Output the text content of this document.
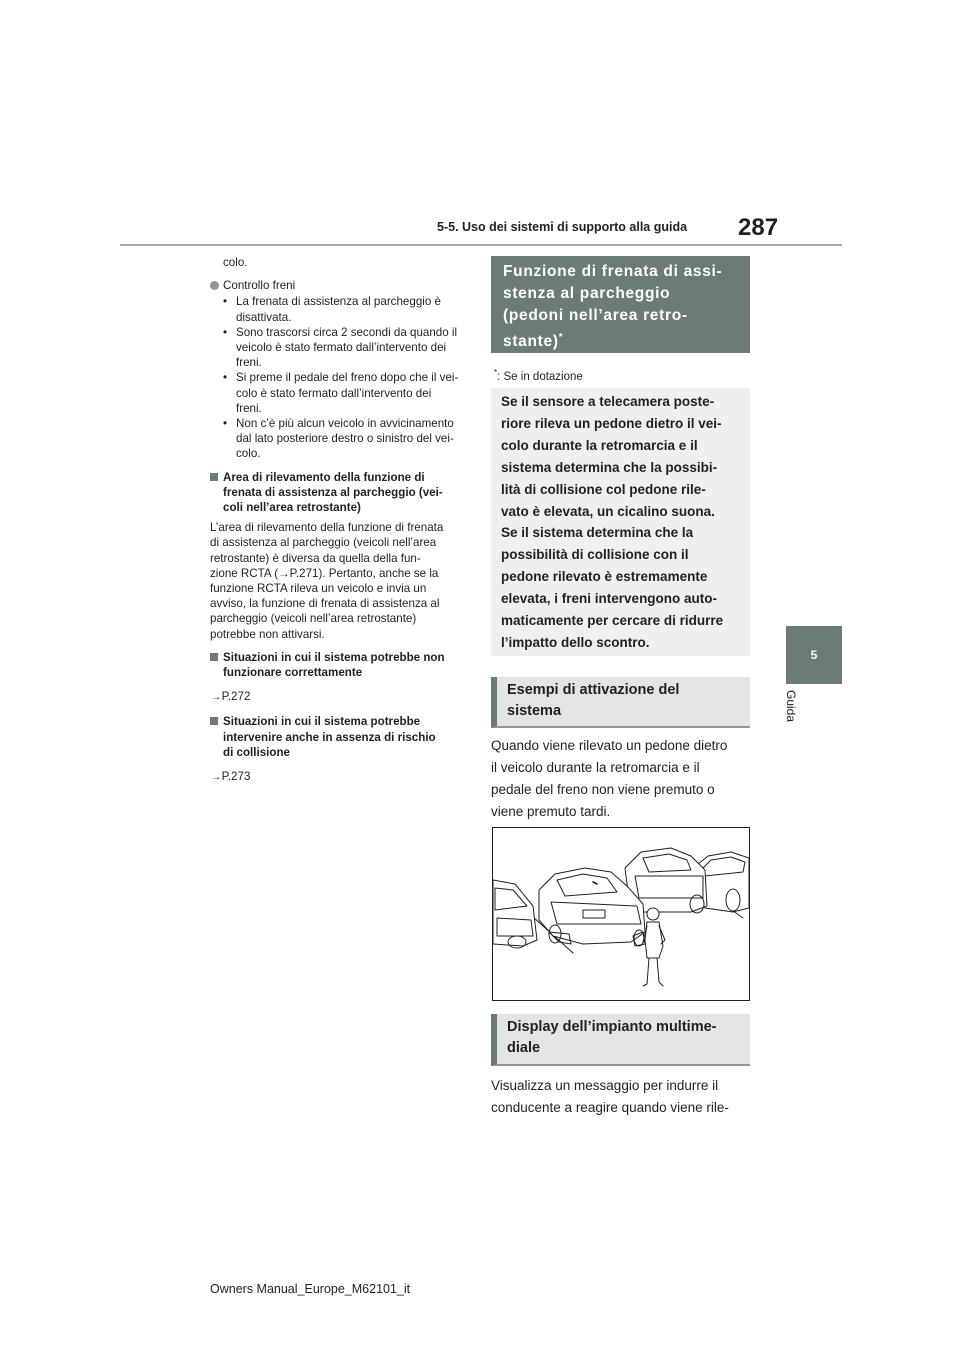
5-5. Uso dei sistemi di supporto alla guida 287
5
Guida

colo.

Controllo freni
• La frenata di assistenza al parcheggio è
disattivata.
• Sono trascorsi circa 2 secondi da quando il
veicolo è stato fermato dall’intervento dei
freni.
• Si preme il pedale del freno dopo che il vei-
colo è stato fermato dall’intervento dei
freni.
• Non c’è più alcun veicolo in avvicinamento
dal lato posteriore destro o sinistro del vei-
colo.
Area di rilevamento della funzione di
frenata di assistenza al parcheggio (vei-
coli nell’area retrostante)

L’area di rilevamento della funzione di frenata
di assistenza al parcheggio (veicoli nell’area
retrostante) è diversa da quella della fun-
zione RCTA (→P.271). Pertanto, anche se la
funzione RCTA rileva un veicolo e invia un
avviso, la funzione di frenata di assistenza al
parcheggio (veicoli nell’area retrostante)
potrebbe non attivarsi.

Situazioni in cui il sistema potrebbe non
funzionare correttamente

→P.272

Situazioni in cui il sistema potrebbe
intervenire anche in assenza di rischio
di collisione

→P.273

Funzione di frenata di assi-
stenza al parcheggio
(pedoni nell’area retro-
stante)*
*: Se in dotazione
Se il sensore a telecamera poste-
riore rileva un pedone dietro il vei-
colo durante la retromarcia e il
sistema determina che la possibi-
lità di collisione col pedone rile-
vato è elevata, un cicalino suona.
Se il sistema determina che la
possibilità di collisione con il
pedone rilevato è estremamente
elevata, i freni intervengono auto-
maticamente per cercare di ridurre
l’impatto dello scontro.
Esempi di attivazione del
sistema
Quando viene rilevato un pedone dietro
il veicolo durante la retromarcia e il
pedale del freno non viene premuto o
viene premuto tardi.
Display dell’impianto multime-
diale
Visualizza un messaggio per indurre il
conducente a reagire quando viene rile-
Owners Manual_Europe_M62101_it
